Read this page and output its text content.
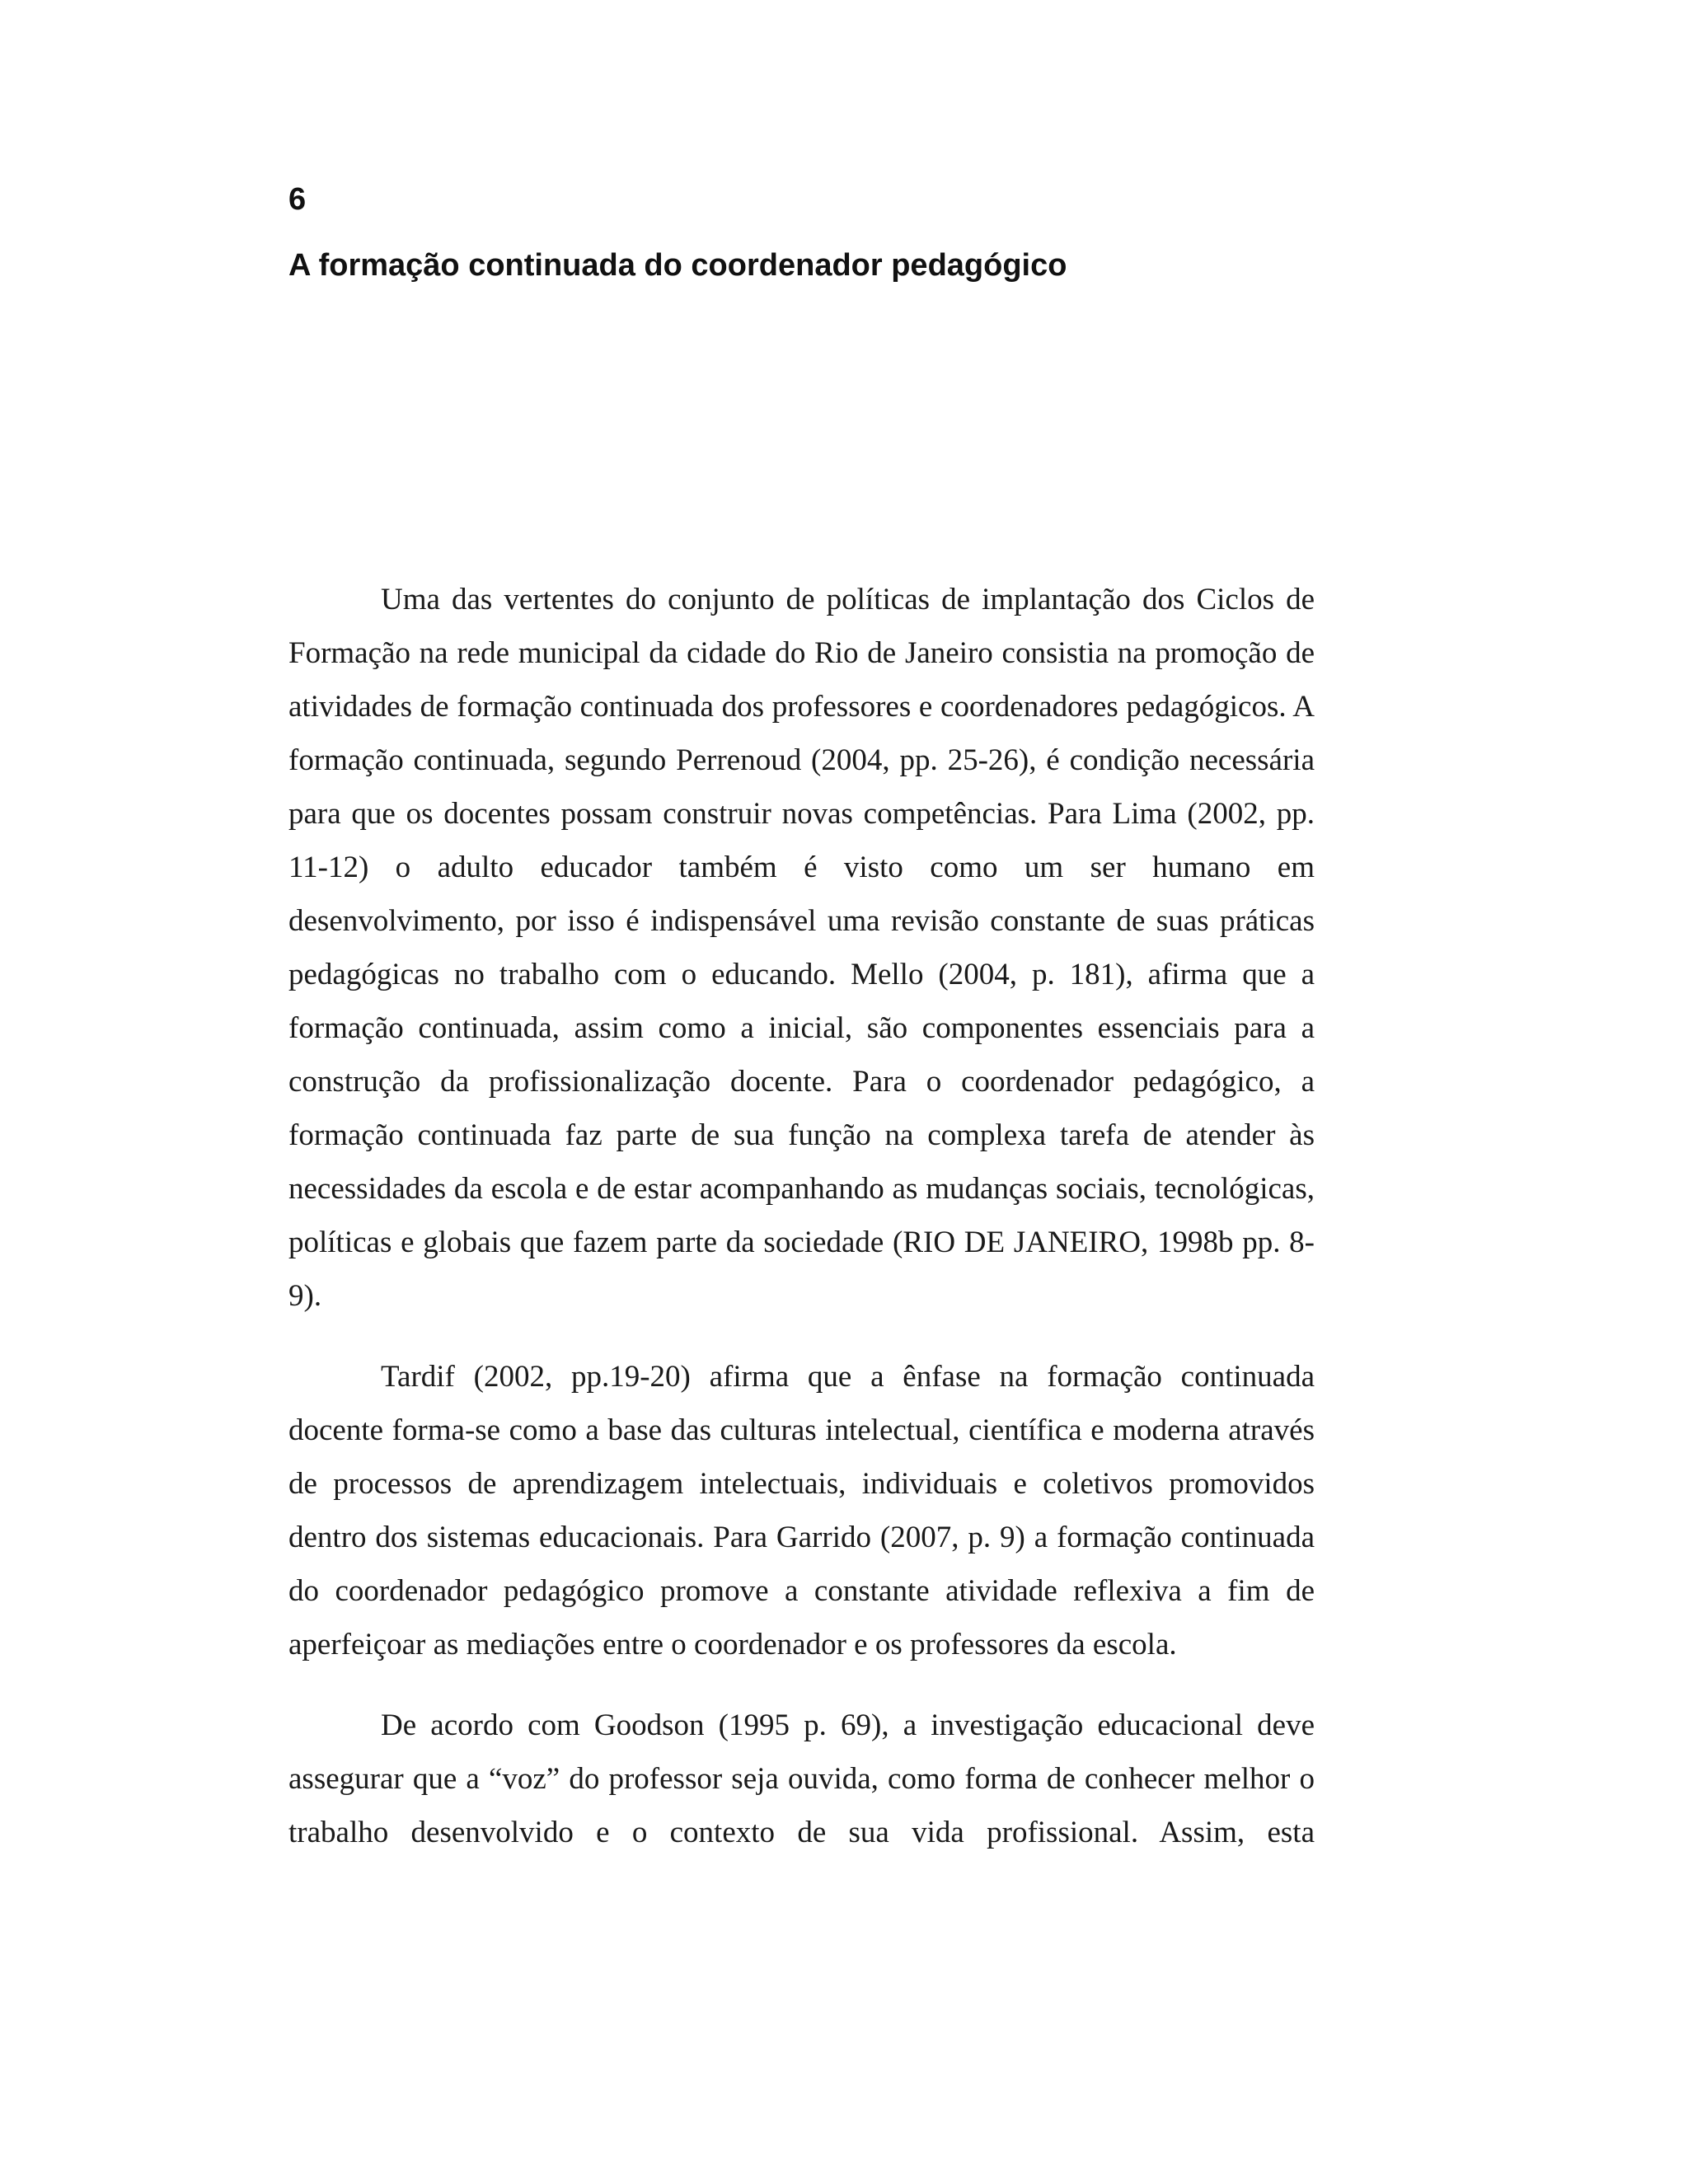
6
A formação continuada do coordenador pedagógico

Uma das vertentes do conjunto de políticas de implantação dos Ciclos de Formação na rede municipal da cidade do Rio de Janeiro consistia na promoção de atividades de formação continuada dos professores e coordenadores pedagógicos. A formação continuada, segundo Perrenoud (2004, pp. 25-26), é condição necessária para que os docentes possam construir novas competências. Para Lima (2002, pp. 11-12) o adulto educador também é visto como um ser humano em desenvolvimento, por isso é indispensável uma revisão constante de suas práticas pedagógicas no trabalho com o educando. Mello (2004, p. 181), afirma que a formação continuada, assim como a inicial, são componentes essenciais para a construção da profissionalização docente. Para o coordenador pedagógico, a formação continuada faz parte de sua função na complexa tarefa de atender às necessidades da escola e de estar acompanhando as mudanças sociais, tecnológicas, políticas e globais que fazem parte da sociedade (RIO DE JANEIRO, 1998b pp. 8-9).

Tardif (2002, pp.19-20) afirma que a ênfase na formação continuada docente forma-se como a base das culturas intelectual, científica e moderna através de processos de aprendizagem intelectuais, individuais e coletivos promovidos dentro dos sistemas educacionais. Para Garrido (2007, p. 9) a formação continuada do coordenador pedagógico promove a constante atividade reflexiva a fim de aperfeiçoar as mediações entre o coordenador e os professores da escola.

De acordo com Goodson (1995 p. 69), a investigação educacional deve assegurar que a “voz” do professor seja ouvida, como forma de conhecer melhor o trabalho desenvolvido e o contexto de sua vida profissional. Assim, esta
